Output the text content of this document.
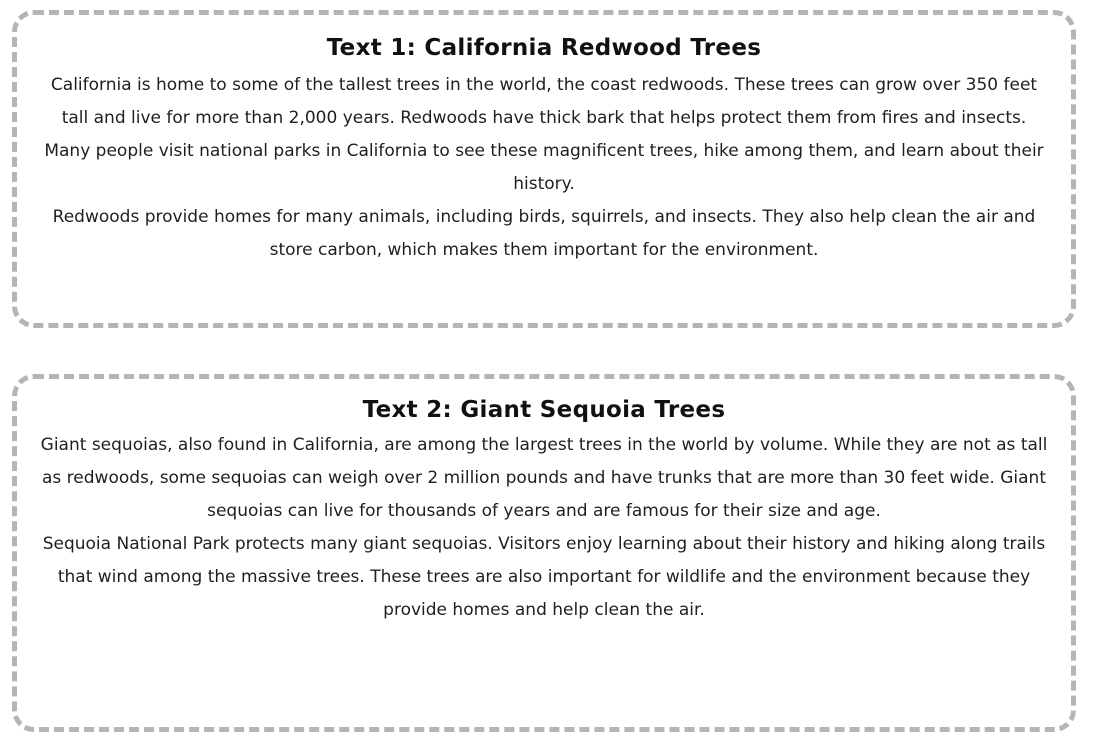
Text 1: California Redwood Trees

California is home to some of the tallest trees in the world, the coast redwoods. These trees can grow over 350 feet tall and live for more than 2,000 years. Redwoods have thick bark that helps protect them from fires and insects. Many people visit national parks in California to see these magnificent trees, hike among them, and learn about their history.

Redwoods provide homes for many animals, including birds, squirrels, and insects. They also help clean the air and store carbon, which makes them important for the environment.

Text 2: Giant Sequoia Trees

Giant sequoias, also found in California, are among the largest trees in the world by volume. While they are not as tall as redwoods, some sequoias can weigh over 2 million pounds and have trunks that are more than 30 feet wide. Giant sequoias can live for thousands of years and are famous for their size and age.

Sequoia National Park protects many giant sequoias. Visitors enjoy learning about their history and hiking along trails that wind among the massive trees. These trees are also important for wildlife and the environment because they provide homes and help clean the air.
